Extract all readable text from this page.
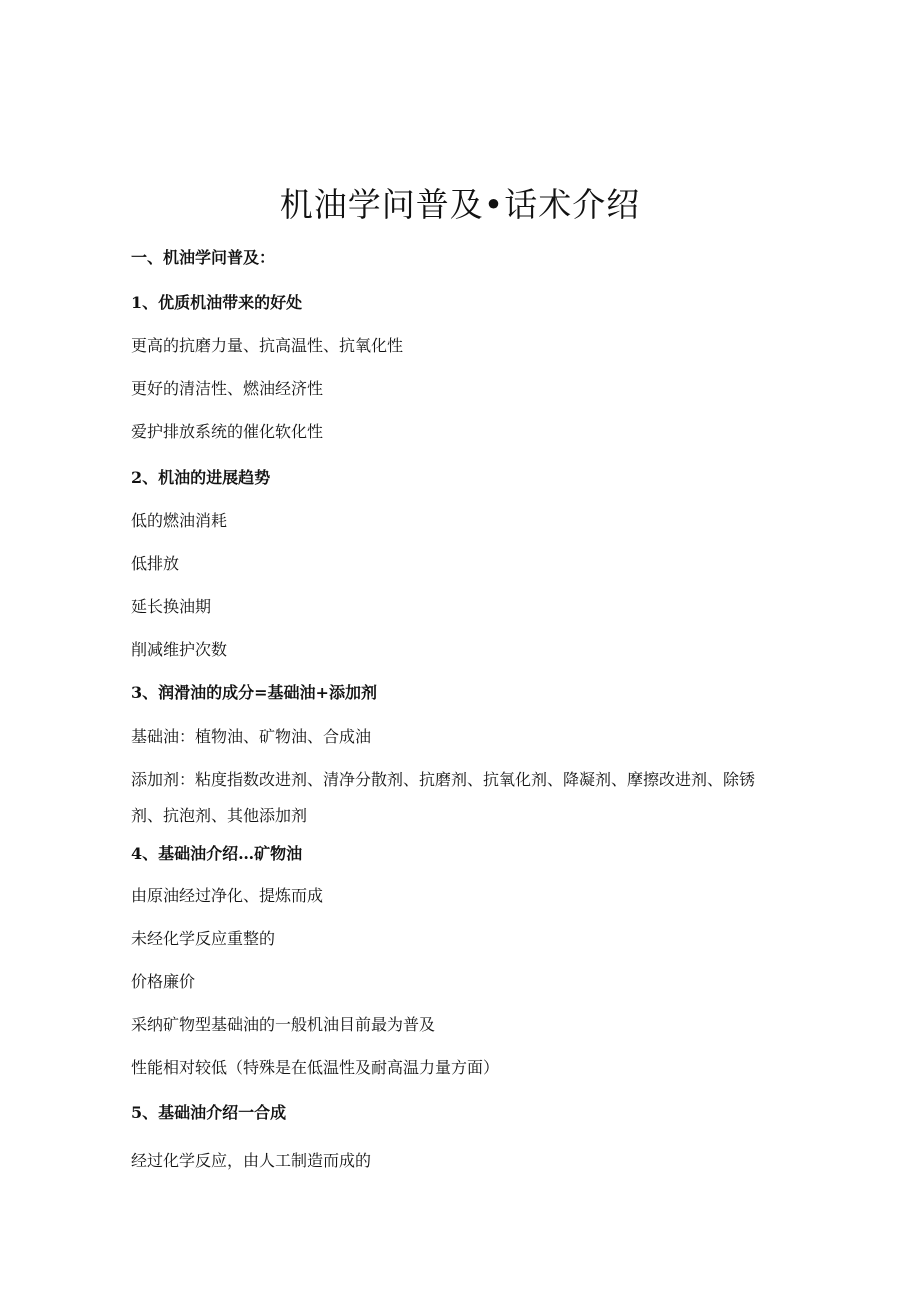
机油学问普及•话术介绍

一、机油学问普及：

1、优质机油带来的好处

更高的抗磨力量、抗高温性、抗氧化性

更好的清洁性、燃油经济性

爱护排放系统的催化软化性

2、机油的进展趋势

低的燃油消耗

低排放

延长换油期

削减维护次数

3、润滑油的成分=基础油+添加剂

基础油：植物油、矿物油、合成油

添加剂：粘度指数改进剂、清净分散剂、抗磨剂、抗氧化剂、降凝剂、摩擦改进剂、除锈剂、抗泡剂、其他添加剂

4、基础油介绍…矿物油

由原油经过净化、提炼而成

未经化学反应重整的

价格廉价

采纳矿物型基础油的一般机油目前最为普及

性能相对较低（特殊是在低温性及耐高温力量方面）

5、基础油介绍一合成

经过化学反应，由人工制造而成的
